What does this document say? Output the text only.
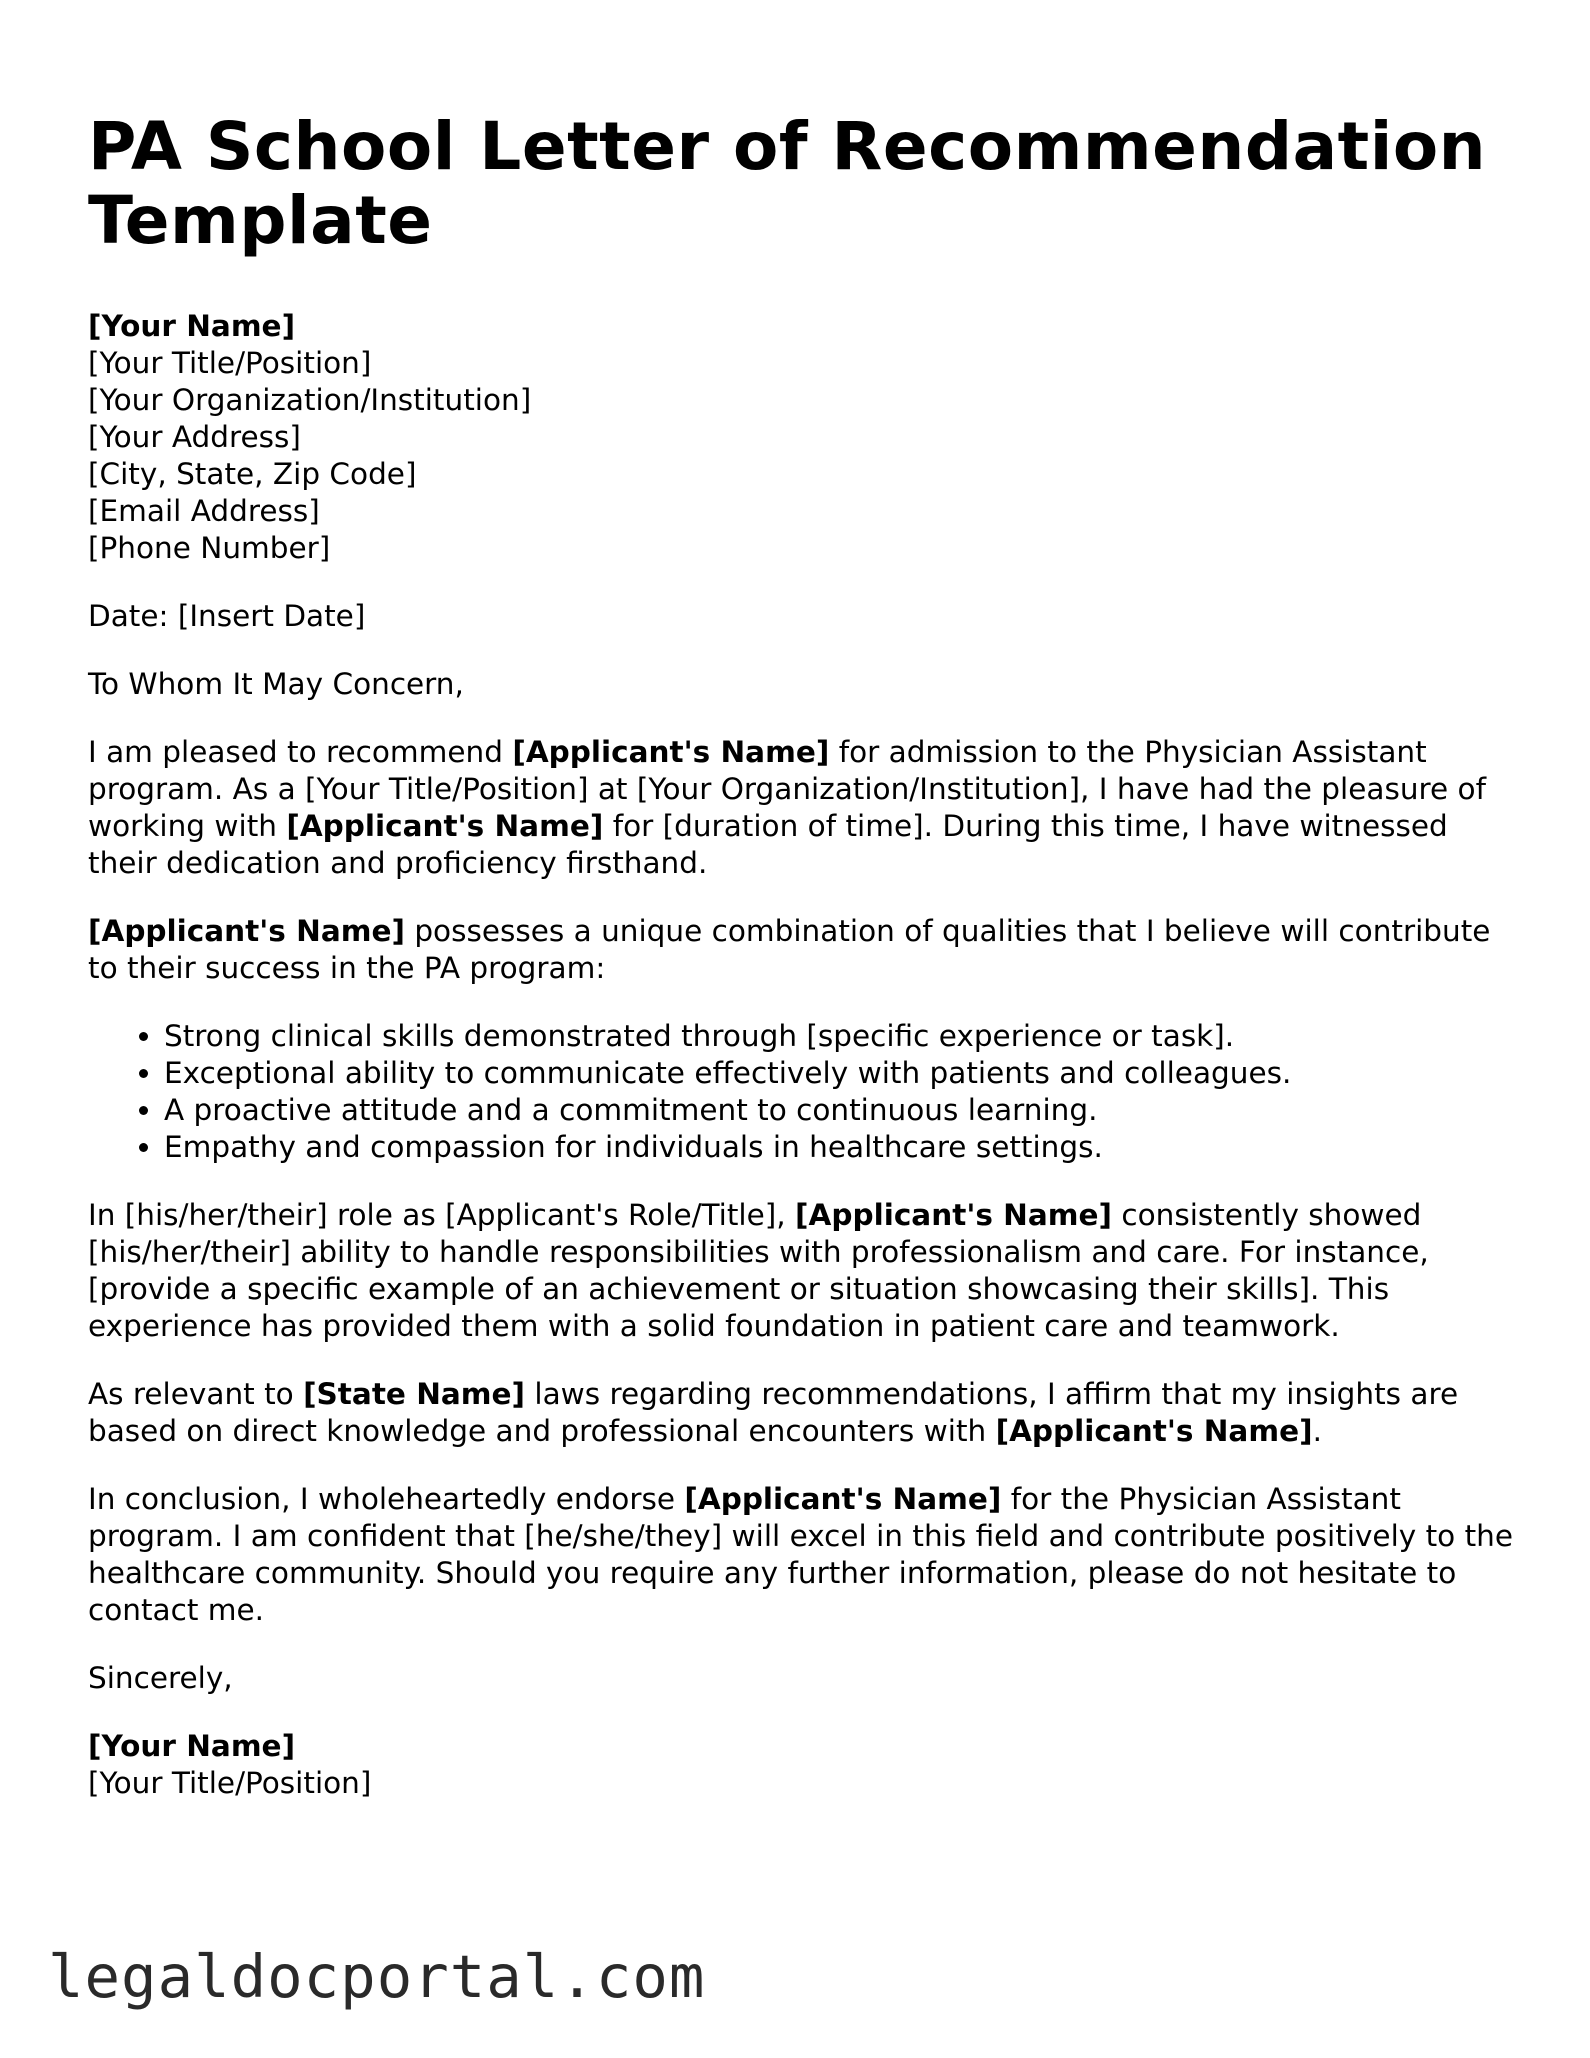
PA School Letter of Recommendation Template
[Your Name]
[Your Title/Position]
[Your Organization/Institution]
[Your Address]
[City, State, Zip Code]
[Email Address]
[Phone Number]

Date: [Insert Date]

To Whom It May Concern,

I am pleased to recommend [Applicant's Name] for admission to the Physician Assistant program. As a [Your Title/Position] at [Your Organization/Institution], I have had the pleasure of working with [Applicant's Name] for [duration of time]. During this time, I have witnessed their dedication and proficiency firsthand.

[Applicant's Name] possesses a unique combination of qualities that I believe will contribute to their success in the PA program:

• Strong clinical skills demonstrated through [specific experience or task].
• Exceptional ability to communicate effectively with patients and colleagues.
• A proactive attitude and a commitment to continuous learning.
• Empathy and compassion for individuals in healthcare settings.

In [his/her/their] role as [Applicant's Role/Title], [Applicant's Name] consistently showed [his/her/their] ability to handle responsibilities with professionalism and care. For instance, [provide a specific example of an achievement or situation showcasing their skills]. This experience has provided them with a solid foundation in patient care and teamwork.

As relevant to [State Name] laws regarding recommendations, I affirm that my insights are based on direct knowledge and professional encounters with [Applicant's Name].

In conclusion, I wholeheartedly endorse [Applicant's Name] for the Physician Assistant program. I am confident that [he/she/they] will excel in this field and contribute positively to the healthcare community. Should you require any further information, please do not hesitate to contact me.

Sincerely,

[Your Name]
[Your Title/Position]
legaldocportal.com
